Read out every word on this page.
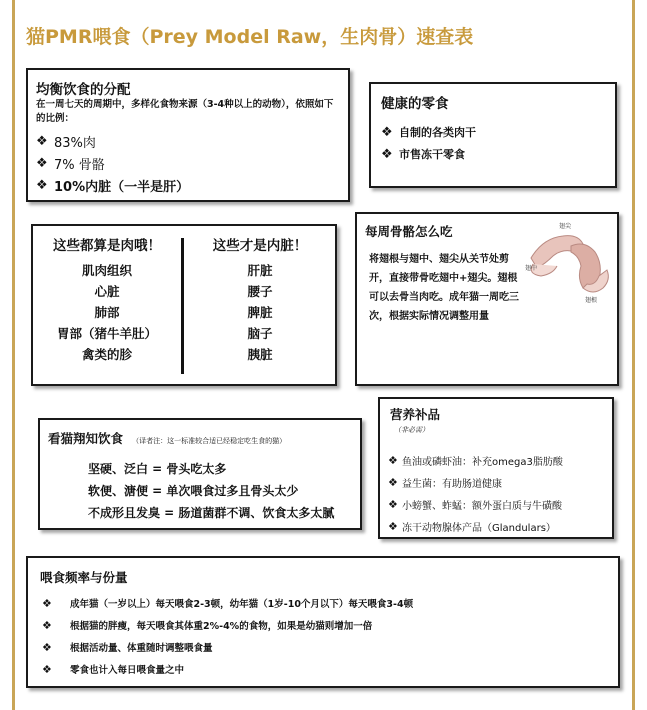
猫PMR喂食（Prey Model Raw，生肉骨）速查表
均衡饮食的分配
在一周七天的周期中，多样化食物来源（3-4种以上的动物），依照如下的比例：
❖ 83%肉
❖ 7% 骨骼
❖ 10%内脏（一半是肝）
健康的零食
❖ 自制的各类肉干
❖ 市售冻干零食
这些都算是肉哦！
肌肉组织
心脏
肺部
胃部（猪牛羊肚）
禽类的胗
这些才是内脏！
肝脏
腰子
脾脏
脑子
胰脏
每周骨骼怎么吃
将翅根与翅中、翅尖从关节处剪开，直接带骨吃翅中+翅尖。翅根可以去骨当肉吃。成年猫一周吃三次，根据实际情况调整用量
翅尖
翅中
翅根
看猫翔知饮食 （译者注：这一标准较合适已经稳定吃生食的猫）
坚硬、泛白 = 骨头吃太多
软便、溏便 = 单次喂食过多且骨头太少
不成形且发臭 = 肠道菌群不调、饮食太多太腻
营养补品
（非必需）
❖ 鱼油或磷虾油：补充omega3脂肪酸
❖ 益生菌：有助肠道健康
❖ 小螃蟹、蚱蜢：额外蛋白质与牛磺酸
❖ 冻干动物腺体产品（Glandulars）
喂食频率与份量
❖	成年猫（一岁以上）每天喂食2-3顿，幼年猫（1岁-10个月以下）每天喂食3-4顿
❖	根据猫的胖瘦，每天喂食其体重2%-4%的食物，如果是幼猫则增加一倍
❖	根据活动量、体重随时调整喂食量
❖	零食也计入每日喂食量之中
